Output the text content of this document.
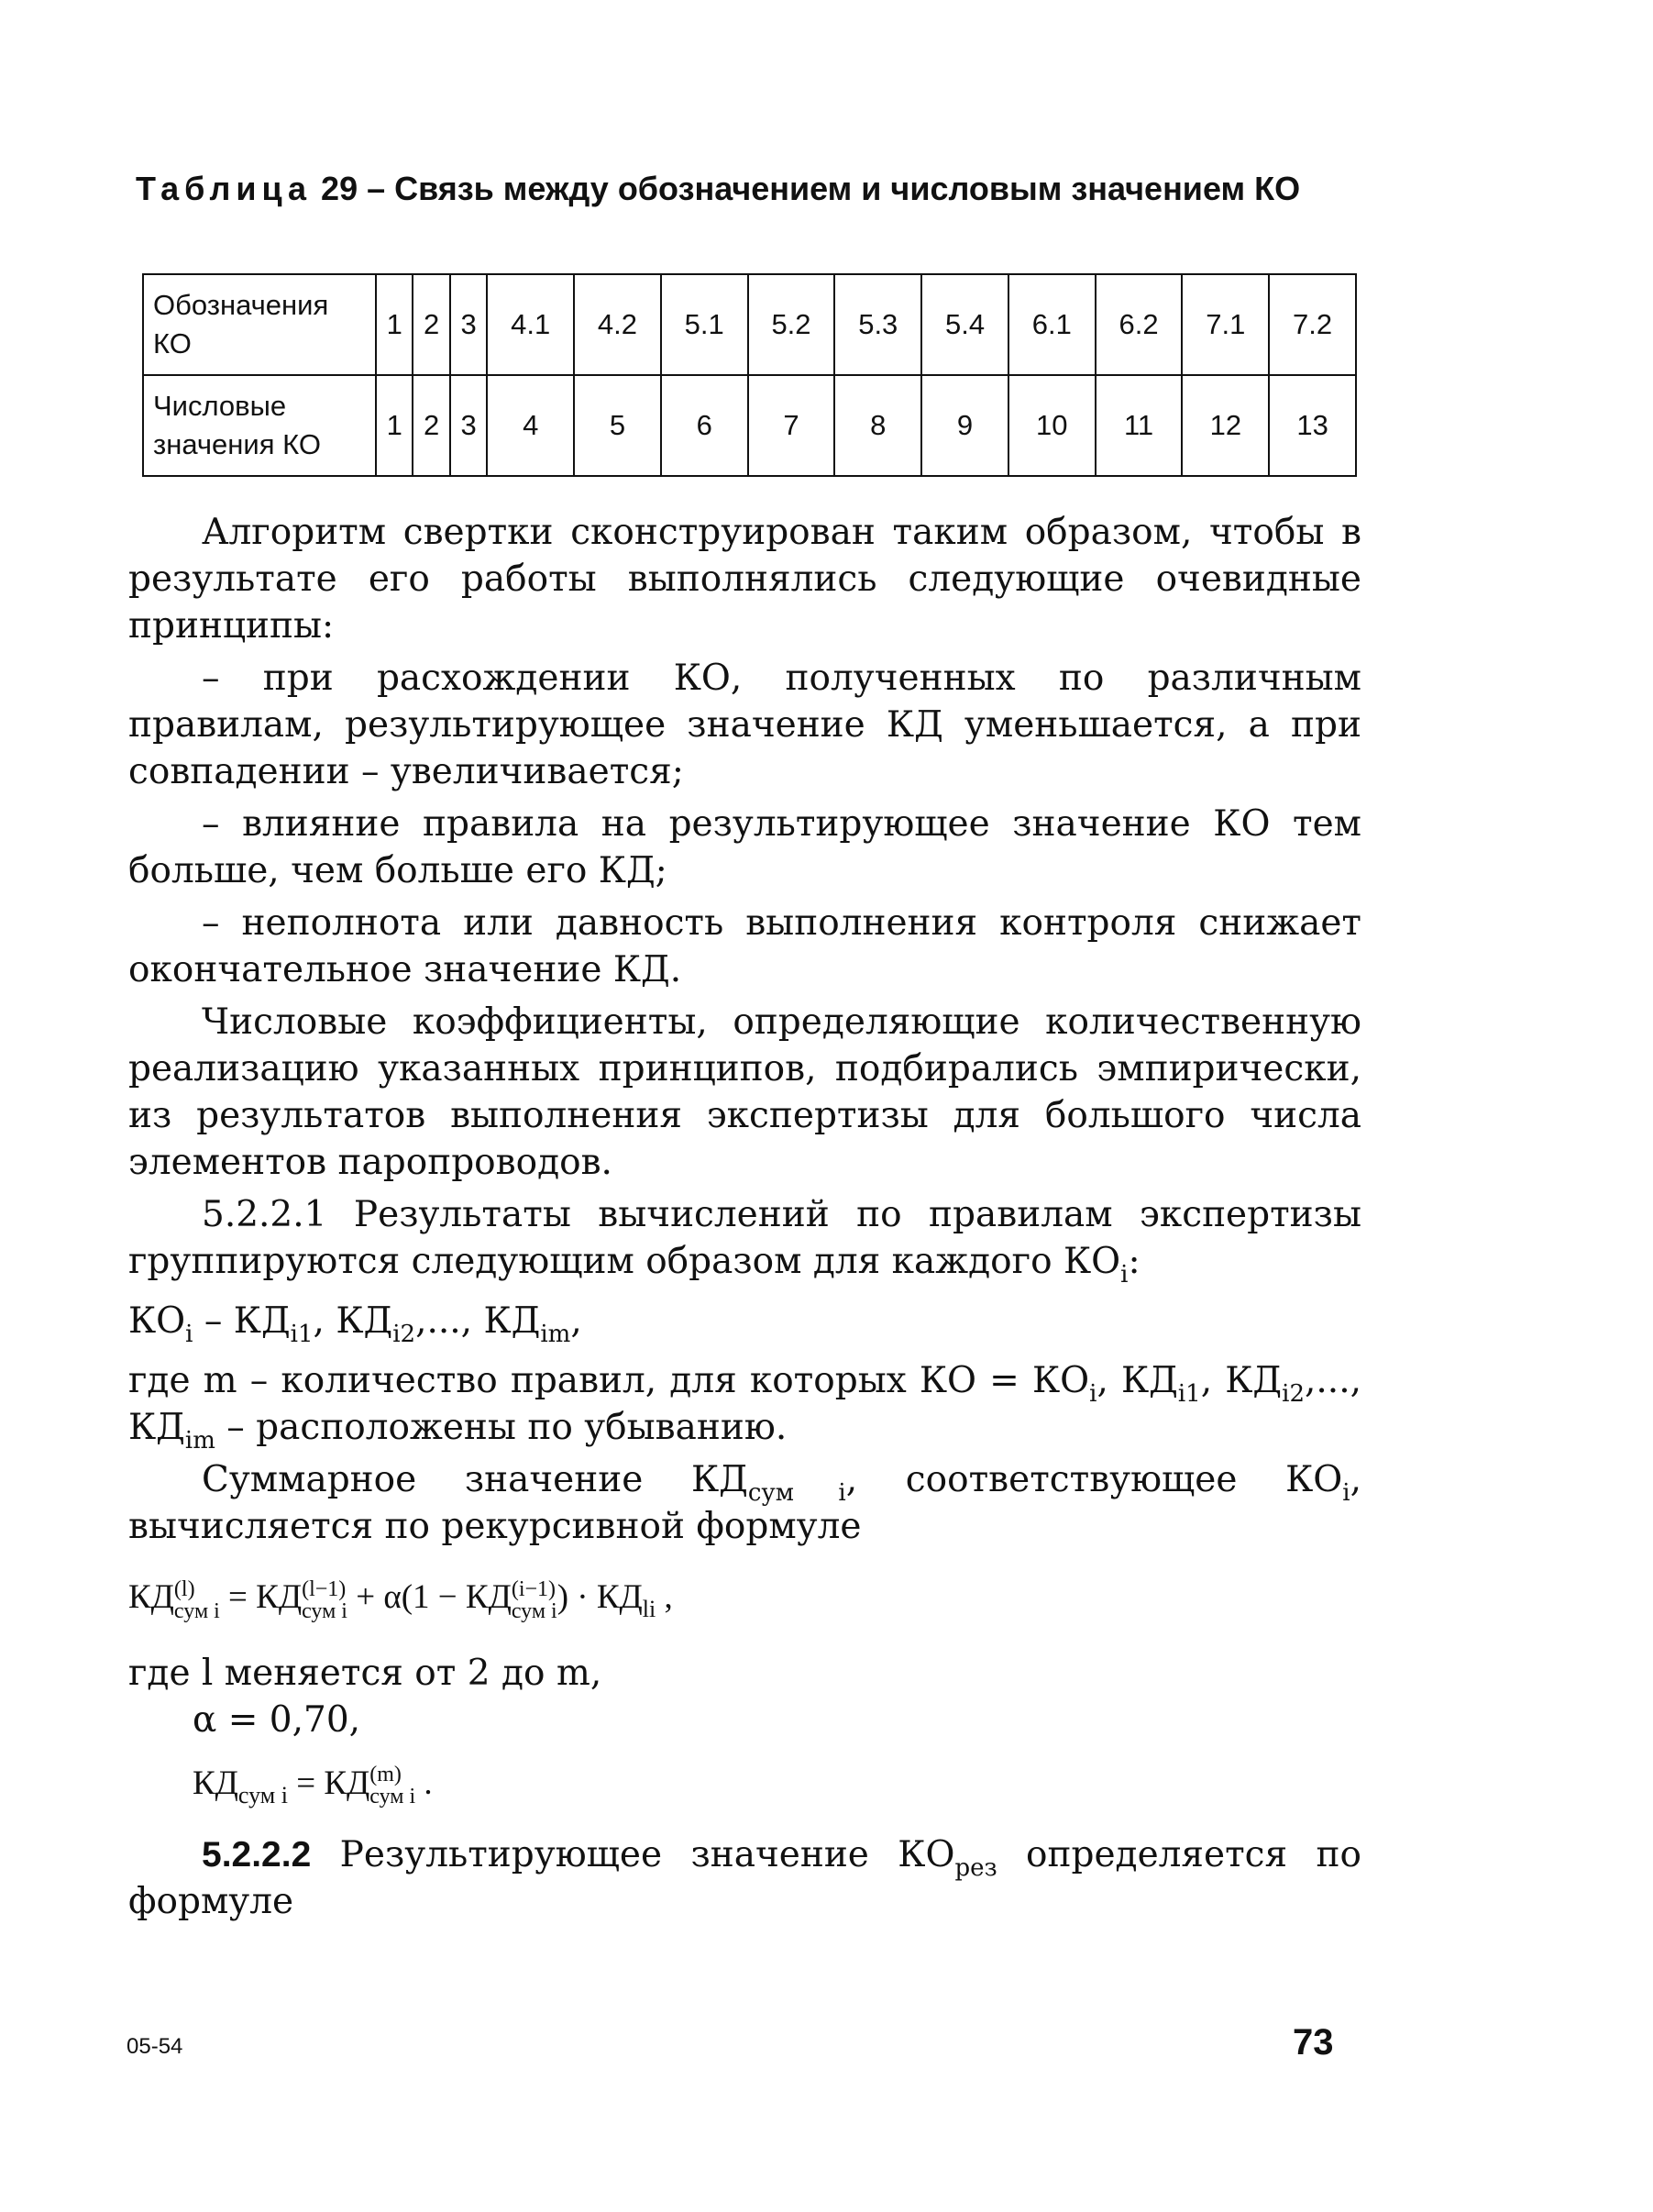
Таблица 29 – Связь между обозначением и числовым значением КО
Обозначения КО	1	2	3	4.1	4.2	5.1	5.2	5.3	5.4	6.1	6.2	7.1	7.2
Числовые значения КО	1	2	3	4	5	6	7	8	9	10	11	12	13

Алгоритм свертки сконструирован таким образом, чтобы в результате его работы выполнялись следующие очевидные принципы:

– при расхождении КО, полученных по различным правилам, результирующее значение КД уменьшается, а при совпадении – увеличивается;

– влияние правила на результирующее значение КО тем больше, чем больше его КД;

– неполнота или давность выполнения контроля снижает окончательное значение КД.

Числовые коэффициенты, определяющие количественную реализацию указанных принципов, подбирались эмпирически, из результатов выполнения экспертизы для большого числа элементов паропроводов.

5.2.2.1 Результаты вычислений по правилам экспертизы группируются следующим образом для каждого $КО_i$:

$КО_i - КД_{i1}$, $КД_{i2}$,..., $КД_{im}$,

где m – количество правил, для которых КО = $КО_i$, $КД_{i1}$, $КД_{i2}$,..., $КД_{im}$ – расположены по убыванию.

Суммарное значение $КД_{сум i}$, соответствующее $КО_i$, вычисляется по рекурсивной формуле

КД (l)
сум i = КД (l−1)
сум i + α(1 − КД (i−1)
сум i ) · $КД_{li}$ ,

где l меняется от 2 до m,

α = 0,70,

$КД_{сум i}$ = КД (m)
сум i .

5.2.2.2 Результирующее значение $КО_{рез}$ определяется по формуле

05-54	73
